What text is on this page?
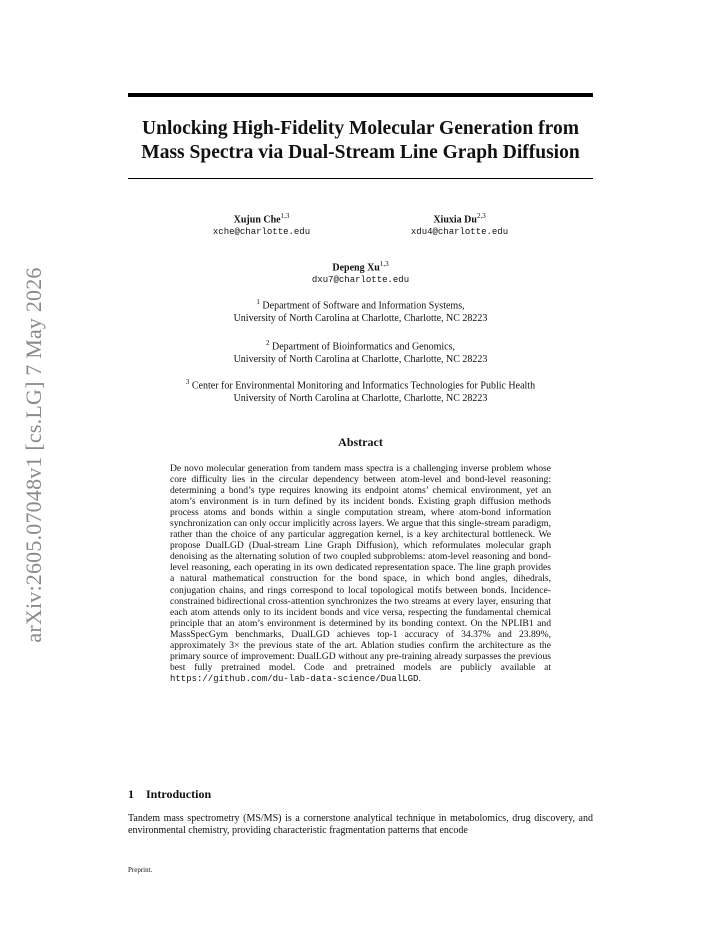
arXiv:2605.07048v1 [cs.LG] 7 May 2026
Unlocking High-Fidelity Molecular Generation from
Mass Spectra via Dual-Stream Line Graph Diffusion
Xujun Che$^{1,3}$
xche@charlotte.edu
Xiuxia Du$^{2,3}$
xdu4@charlotte.edu
Depeng Xu$^{1,3}$
dxu7@charlotte.edu
$^1$ Department of Software and Information Systems,
University of North Carolina at Charlotte, Charlotte, NC 28223
$^2$ Department of Bioinformatics and Genomics,
University of North Carolina at Charlotte, Charlotte, NC 28223
$^3$ Center for Environmental Monitoring and Informatics Technologies for Public Health
University of North Carolina at Charlotte, Charlotte, NC 28223
Abstract
De novo molecular generation from tandem mass spectra is a challenging inverse problem whose core difficulty lies in the circular dependency between atom-level and bond-level reasoning: determining a bond’s type requires knowing its endpoint atoms’ chemical environment, yet an atom’s environment is in turn defined by its incident bonds. Existing graph diffusion methods process atoms and bonds within a single computation stream, where atom-bond information synchronization can only occur implicitly across layers. We argue that this single-stream paradigm, rather than the choice of any particular aggregation kernel, is a key architectural bottleneck. We propose DualLGD (Dual-stream Line Graph Diffusion), which reformulates molecular graph denoising as the alternating solution of two coupled subproblems: atom-level reasoning and bond-level reasoning, each operating in its own dedicated representation space. The line graph provides a natural mathematical construction for the bond space, in which bond angles, dihedrals, conjugation chains, and rings correspond to local topological motifs between bonds. Incidence-constrained bidirectional cross-attention synchronizes the two streams at every layer, ensuring that each atom attends only to its incident bonds and vice versa, respecting the fundamental chemical principle that an atom’s environment is determined by its bonding context. On the NPLIB1 and MassSpecGym benchmarks, DualLGD achieves top-1 accuracy of 34.37% and 23.89%, approximately 3× the previous state of the art. Ablation studies confirm the architecture as the primary source of improvement: DualLGD without any pre-training already surpasses the previous best fully pretrained model. Code and pretrained models are publicly available at https://github.com/du-lab-data-science/DualLGD.
1 Introduction
Tandem mass spectrometry (MS/MS) is a cornerstone analytical technique in metabolomics, drug discovery, and environmental chemistry, providing characteristic fragmentation patterns that encode
Preprint.
